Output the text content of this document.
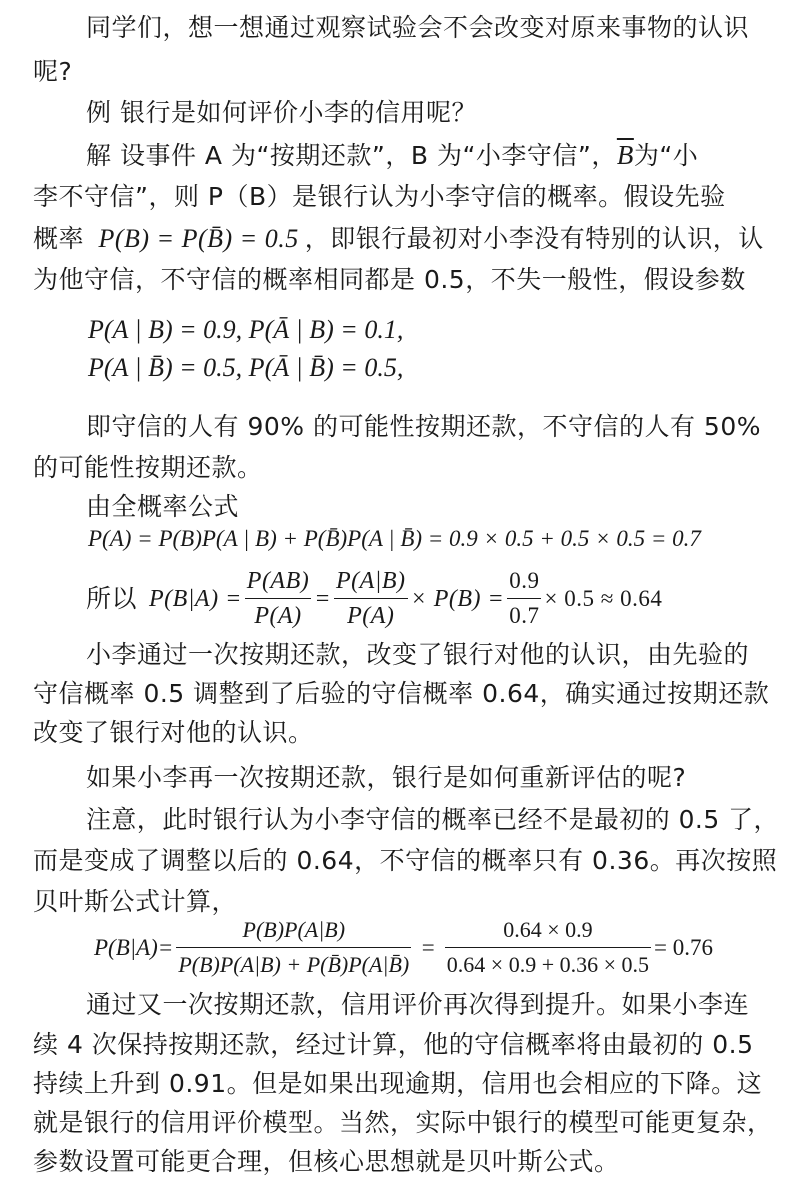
同学们，想一想通过观察试验会不会改变对原来事物的认识
呢?
例 银行是如何评价小李的信用呢？
解 设事件 A 为“按期还款”，B 为“小李守信”，$\overline{B}$为“小
李不守信”，则 P（B）是银行认为小李守信的概率。假设先验
概率 P(B) = P(B̄) = 0.5 ，即银行最初对小李没有特别的认识，认
为他守信，不守信的概率相同都是 0.5，不失一般性，假设参数
P(A | B) = 0.9, P(Ā | B) = 0.1,
P(A | B̄) = 0.5, P(Ā | B̄) = 0.5,
即守信的人有 90% 的可能性按期还款，不守信的人有 50%
的可能性按期还款。
由全概率公式
P(A) = P(B)P(A | B) + P(B̄)P(A | B̄) = 0.9 × 0.5 + 0.5 × 0.5 = 0.7
所以 $P(B|A) = \frac{P(AB)}{P(A)} = \frac{P(A|B)}{P(A)} \times P(B) = \frac{0.9}{0.7} \times 0.5 \approx 0.64$
小李通过一次按期还款，改变了银行对他的认识，由先验的
守信概率 0.5 调整到了后验的守信概率 0.64，确实通过按期还款
改变了银行对他的认识。
如果小李再一次按期还款，银行是如何重新评估的呢?
注意，此时银行认为小李守信的概率已经不是最初的 0.5 了，
而是变成了调整以后的 0.64，不守信的概率只有 0.36。再次按照
贝叶斯公式计算，
$P(B|A)= \frac{P(B)P(A|B)}{P(B)P(A|B) + P(B̄)P(A|B̄)} = \frac{0.64 \times 0.9}{0.64 \times 0.9 + 0.36 \times 0.5} = 0.76$
通过又一次按期还款，信用评价再次得到提升。如果小李连
续 4 次保持按期还款，经过计算，他的守信概率将由最初的 0.5
持续上升到 0.91。但是如果出现逾期，信用也会相应的下降。这
就是银行的信用评价模型。当然，实际中银行的模型可能更复杂，
参数设置可能更合理，但核心思想就是贝叶斯公式。
